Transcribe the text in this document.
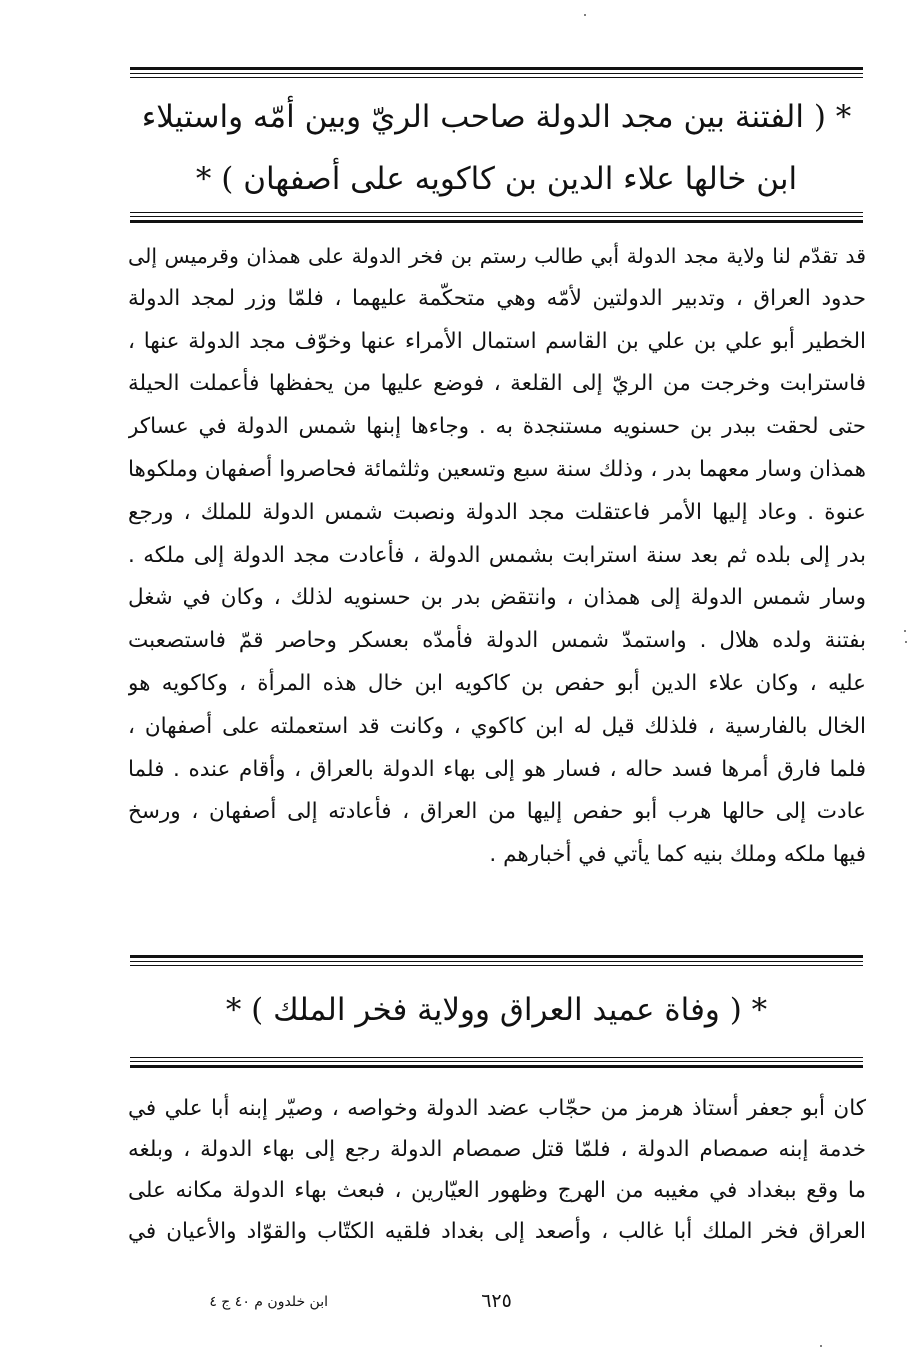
* ( الفتنة بين مجد الدولة صاحب الريّ وبين أمّه واستيلاء
ابن خالها علاء الدين بن كاكويه على أصفهان ) *
قد تقدّم لنا ولاية مجد الدولة أبي طالب رستم بن فخر الدولة على همذان وقرميس إلى
حدود العراق ، وتدبير الدولتين لأمّه وهي متحكّمة عليهما ، فلمّا وزر لمجد الدولة
الخطير أبو علي بن علي بن القاسم استمال الأمراء عنها وخوّف مجد الدولة عنها ،
فاسترابت وخرجت من الريّ إلى القلعة ، فوضع عليها من يحفظها فأعملت الحيلة
حتى لحقت ببدر بن حسنويه مستنجدة به . وجاءها إبنها شمس الدولة في عساكر
همذان وسار معهما بدر ، وذلك سنة سبع وتسعين وثلثمائة فحاصروا أصفهان وملكوها
عنوة . وعاد إليها الأمر فاعتقلت مجد الدولة ونصبت شمس الدولة للملك ، ورجع
بدر إلى بلده ثم بعد سنة استرابت بشمس الدولة ، فأعادت مجد الدولة إلى ملكه .
وسار شمس الدولة إلى همذان ، وانتقض بدر بن حسنويه لذلك ، وكان في شغل
بفتنة ولده هلال . واستمدّ شمس الدولة فأمدّه بعسكر وحاصر قمّ فاستصعبت
عليه ، وكان علاء الدين أبو حفص بن كاكويه ابن خال هذه المرأة ، وكاكويه هو
الخال بالفارسية ، فلذلك قيل له ابن كاكوي ، وكانت قد استعملته على أصفهان ،
فلما فارق أمرها فسد حاله ، فسار هو إلى بهاء الدولة بالعراق ، وأقام عنده . فلما
عادت إلى حالها هرب أبو حفص إليها من العراق ، فأعادته إلى أصفهان ، ورسخ
فيها ملكه وملك بنيه كما يأتي في أخبارهم .
* ( وفاة عميد العراق وولاية فخر الملك ) *
كان أبو جعفر أستاذ هرمز من حجّاب عضد الدولة وخواصه ، وصيّر إبنه أبا علي في
خدمة إبنه صمصام الدولة ، فلمّا قتل صمصام الدولة رجع إلى بهاء الدولة ، وبلغه
ما وقع ببغداد في مغيبه من الهرج وظهور العيّارين ، فبعث بهاء الدولة مكانه على
العراق فخر الملك أبا غالب ، وأصعد إلى بغداد فلقيه الكتّاب والقوّاد والأعيان في
٦٢٥
ابن خلدون م ٤٠ ج ٤
